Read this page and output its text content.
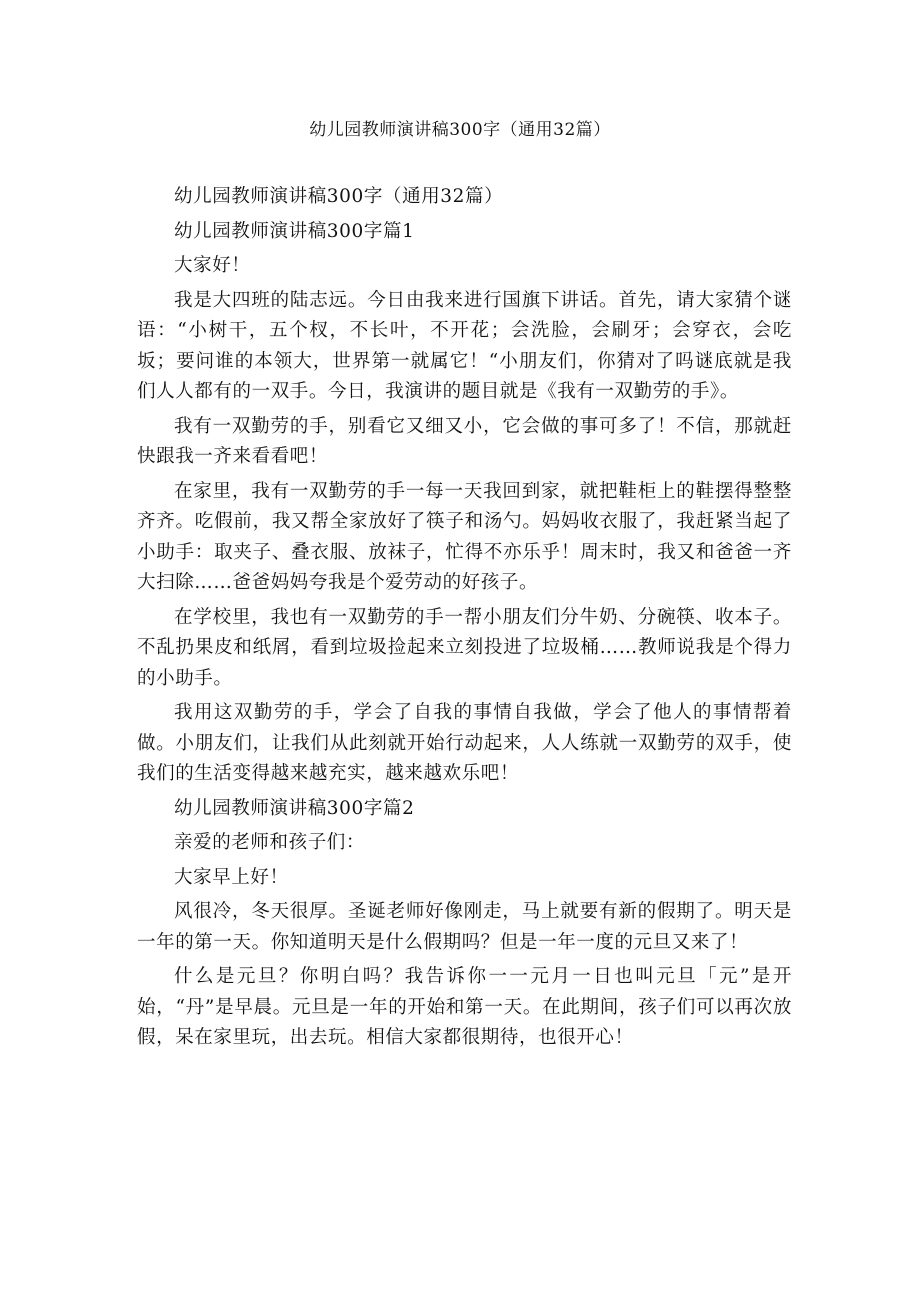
幼儿园教师演讲稿300字（通用32篇）

幼儿园教师演讲稿300字（通用32篇）

幼儿园教师演讲稿300字篇1

大家好！

我是大四班的陆志远。今日由我来进行国旗下讲话。首先，请大家猜个谜语：“小树干，五个杈，不长叶，不开花；会洗脸，会刷牙；会穿衣，会吃坂；要问谁的本领大，世界第一就属它！“小朋友们，你猜对了吗谜底就是我们人人都有的一双手。今日，我演讲的题目就是《我有一双勤劳的手》。

我有一双勤劳的手，别看它又细又小，它会做的事可多了！不信，那就赶快跟我一齐来看看吧！

在家里，我有一双勤劳的手一每一天我回到家，就把鞋柜上的鞋摆得整整齐齐。吃假前，我又帮全家放好了筷子和汤勺。妈妈收衣服了，我赶紧当起了小助手：取夹子、叠衣服、放袜子，忙得不亦乐乎！周末时，我又和爸爸一齐大扫除……爸爸妈妈夸我是个爱劳动的好孩子。

在学校里，我也有一双勤劳的手一帮小朋友们分牛奶、分碗筷、收本子。不乱扔果皮和纸屑，看到垃圾捡起来立刻投进了垃圾桶……教师说我是个得力的小助手。

我用这双勤劳的手，学会了自我的事情自我做，学会了他人的事情帮着做。小朋友们，让我们从此刻就开始行动起来，人人练就一双勤劳的双手，使我们的生活变得越来越充实，越来越欢乐吧！

幼儿园教师演讲稿300字篇2

亲爱的老师和孩子们：

大家早上好！

风很冷，冬天很厚。圣诞老师好像刚走，马上就要有新的假期了。明天是一年的第一天。你知道明天是什么假期吗？但是一年一度的元旦又来了！

什么是元旦？你明白吗？我告诉你一一元月一日也叫元旦「元”是开始，“丹”是早晨。元旦是一年的开始和第一天。在此期间，孩子们可以再次放假，呆在家里玩，出去玩。相信大家都很期待，也很开心！
